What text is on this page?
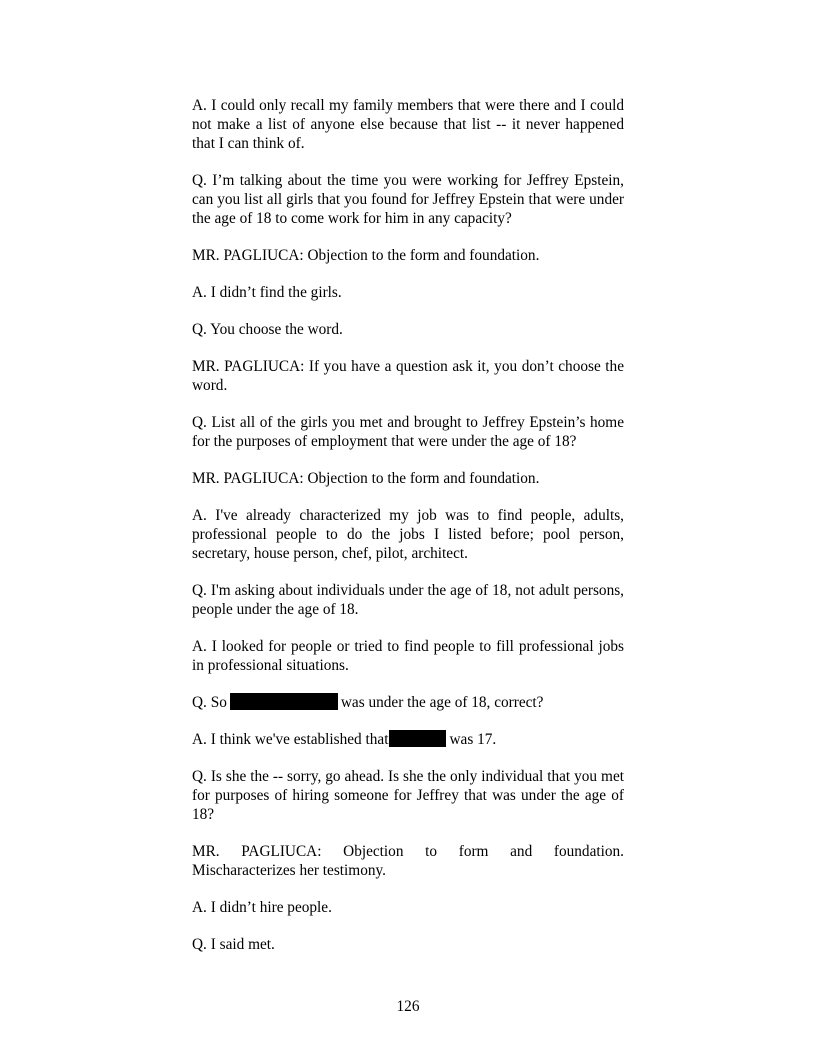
A. I could only recall my family members that were there and I could not make a list of anyone else because that list -- it never happened that I can think of.

Q. I’m talking about the time you were working for Jeffrey Epstein, can you list all girls that you found for Jeffrey Epstein that were under the age of 18 to come work for him in any capacity?

MR. PAGLIUCA: Objection to the form and foundation.

A. I didn’t find the girls.

Q. You choose the word.

MR. PAGLIUCA: If you have a question ask it, you don’t choose the word.

Q. List all of the girls you met and brought to Jeffrey Epstein’s home for the purposes of employment that were under the age of 18?

MR. PAGLIUCA: Objection to the form and foundation.

A. I've already characterized my job was to find people, adults, professional people to do the jobs I listed before; pool person, secretary, house person, chef, pilot, architect.

Q. I'm asking about individuals under the age of 18, not adult persons, people under the age of 18.

A. I looked for people or tried to find people to fill professional jobs in professional situations.

Q. So	was under the age of 18, correct?

A. I think we've established that	was 17.

Q. Is she the -- sorry, go ahead. Is she the only individual that you met for purposes of hiring someone for Jeffrey that was under the age of 18?

MR. PAGLIUCA: Objection to form and foundation. Mischaracterizes her testimony.

A. I didn’t hire people.

Q. I said met.

126
